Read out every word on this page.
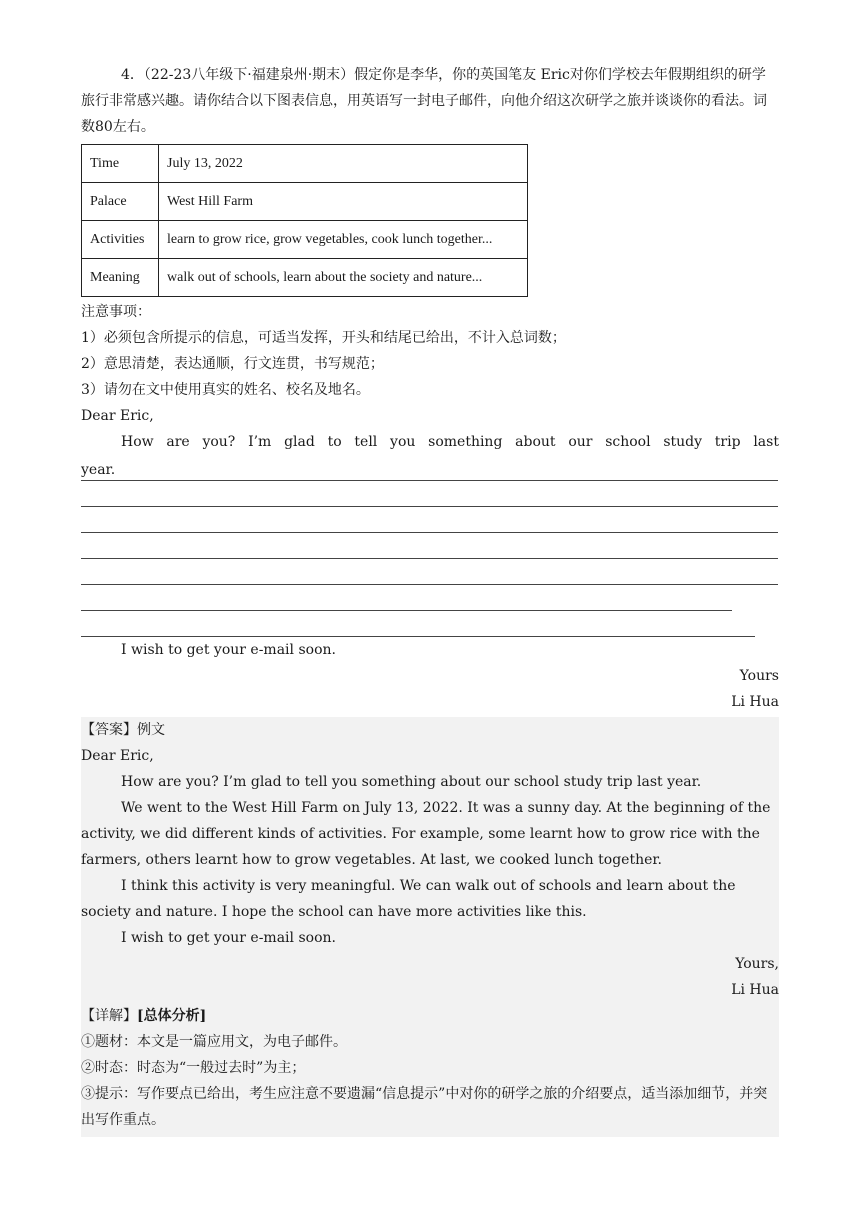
4．（22-23八年级下·福建泉州·期末）假定你是李华，你的英国笔友 Eric对你们学校去年假期组织的研学旅行非常感兴趣。请你结合以下图表信息，用英语写一封电子邮件，向他介绍这次研学之旅并谈谈你的看法。词数80左右。

Time	July 13, 2022
Palace	West Hill Farm
Activities	learn to grow rice, grow vegetables, cook lunch together...
Meaning	walk out of schools, learn about the society and nature...

注意事项：

1）必须包含所提示的信息，可适当发挥，开头和结尾已给出，不计入总词数；

2）意思清楚，表达通顺，行文连贯，书写规范；

3）请勿在文中使用真实的姓名、校名及地名。

Dear Eric,

How are you? I’m glad to tell you something about our school study trip last
year.

I wish to get your e-mail soon.

Yours

Li Hua

【答案】例文

Dear Eric,

How are you? I’m glad to tell you something about our school study trip last year.

We went to the West Hill Farm on July 13, 2022. It was a sunny day. At the beginning of the activity, we did different kinds of activities. For example, some learnt how to grow rice with the farmers, others learnt how to grow vegetables. At last, we cooked lunch together.

I think this activity is very meaningful. We can walk out of schools and learn about the society and nature. I hope the school can have more activities like this.

I wish to get your e-mail soon.

Yours,

Li Hua

【详解】[总体分析]

①题材：本文是一篇应用文，为电子邮件。

②时态：时态为“一般过去时”为主；

③提示：写作要点已给出，考生应注意不要遗漏“信息提示”中对你的研学之旅的介绍要点，适当添加细节，并突出写作重点。
